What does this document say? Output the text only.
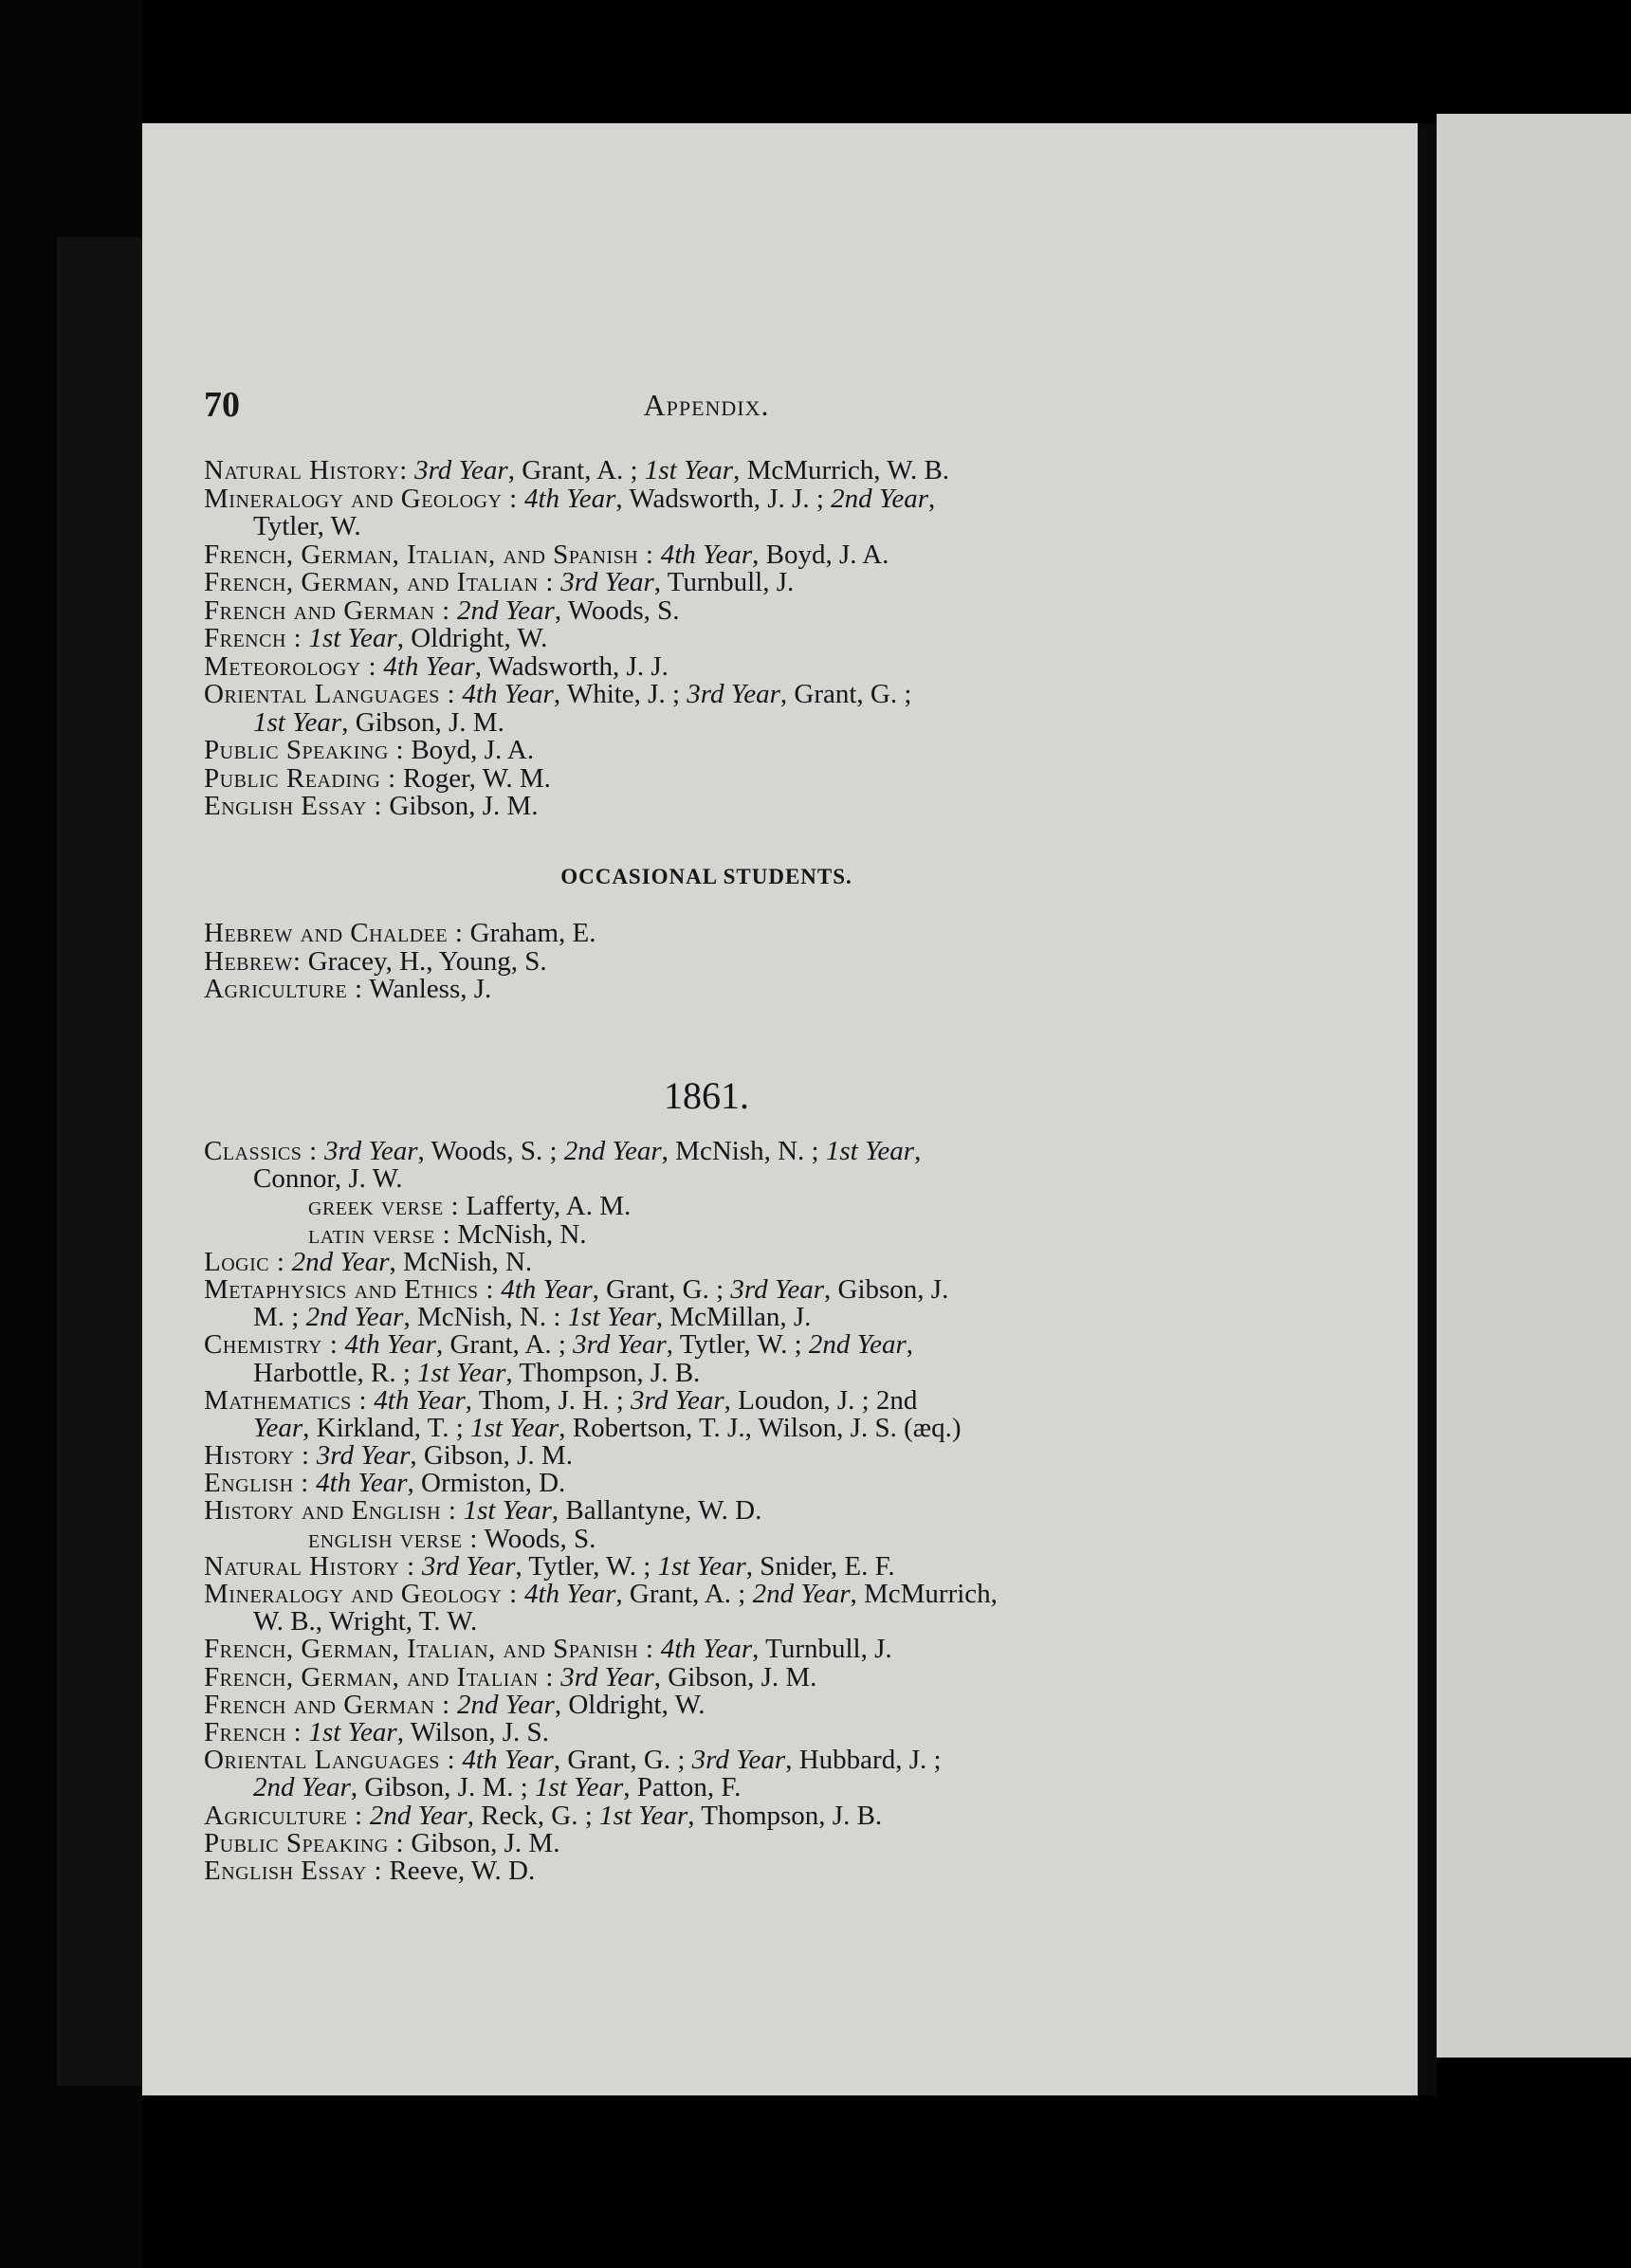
70	Appendix.
Natural History: 3rd Year, Grant, A. ; 1st Year, McMurrich, W. B.
Mineralogy and Geology : 4th Year, Wadsworth, J. J. ; 2nd Year,
Tytler, W.
French, German, Italian, and Spanish : 4th Year, Boyd, J. A.
French, German, and Italian : 3rd Year, Turnbull, J.
French and German : 2nd Year, Woods, S.
French : 1st Year, Oldright, W.
Meteorology : 4th Year, Wadsworth, J. J.
Oriental Languages : 4th Year, White, J. ; 3rd Year, Grant, G. ;
1st Year, Gibson, J. M.
Public Speaking : Boyd, J. A.
Public Reading : Roger, W. M.
English Essay : Gibson, J. M.
OCCASIONAL STUDENTS.
Hebrew and Chaldee : Graham, E.
Hebrew: Gracey, H., Young, S.
Agriculture : Wanless, J.
1861.
Classics : 3rd Year, Woods, S. ; 2nd Year, McNish, N. ; 1st Year,
Connor, J. W.
greek verse : Lafferty, A. M.
latin verse : McNish, N.
Logic : 2nd Year, McNish, N.
Metaphysics and Ethics : 4th Year, Grant, G. ; 3rd Year, Gibson, J.
M. ; 2nd Year, McNish, N. : 1st Year, McMillan, J.
Chemistry : 4th Year, Grant, A. ; 3rd Year, Tytler, W. ; 2nd Year,
Harbottle, R. ; 1st Year, Thompson, J. B.
Mathematics : 4th Year, Thom, J. H. ; 3rd Year, Loudon, J. ; 2nd
Year, Kirkland, T. ; 1st Year, Robertson, T. J., Wilson, J. S. (æq.)
History : 3rd Year, Gibson, J. M.
English : 4th Year, Ormiston, D.
History and English : 1st Year, Ballantyne, W. D.
english verse : Woods, S.
Natural History : 3rd Year, Tytler, W. ; 1st Year, Snider, E. F.
Mineralogy and Geology : 4th Year, Grant, A. ; 2nd Year, McMurrich,
W. B., Wright, T. W.
French, German, Italian, and Spanish : 4th Year, Turnbull, J.
French, German, and Italian : 3rd Year, Gibson, J. M.
French and German : 2nd Year, Oldright, W.
French : 1st Year, Wilson, J. S.
Oriental Languages : 4th Year, Grant, G. ; 3rd Year, Hubbard, J. ;
2nd Year, Gibson, J. M. ; 1st Year, Patton, F.
Agriculture : 2nd Year, Reck, G. ; 1st Year, Thompson, J. B.
Public Speaking : Gibson, J. M.
English Essay : Reeve, W. D.
